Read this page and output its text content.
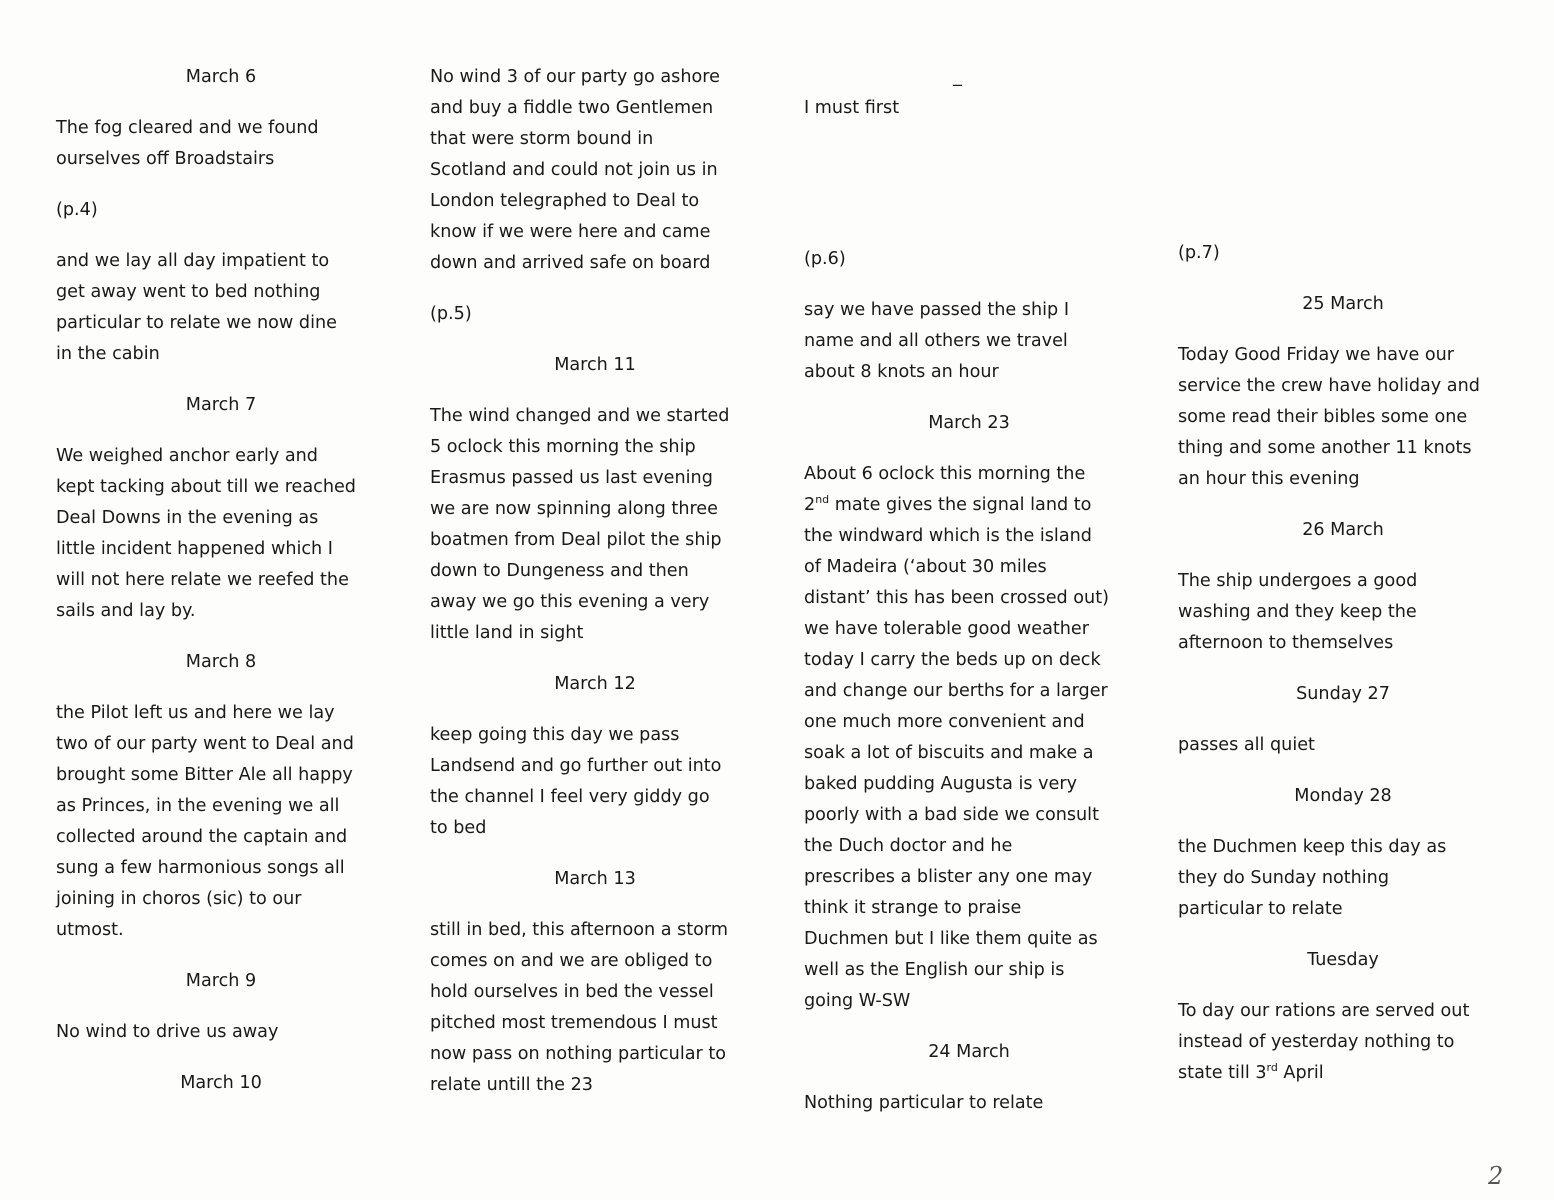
March 6

The fog cleared and we found

ourselves off Broadstairs

(p.4)

and we lay all day impatient to

get away went to bed nothing

particular to relate we now dine

in the cabin

March 7

We weighed anchor early and

kept tacking about till we reached

Deal Downs in the evening as

little incident happened which I

will not here relate we reefed the

sails and lay by.

March 8

the Pilot left us and here we lay

two of our party went to Deal and

brought some Bitter Ale all happy

as Princes, in the evening we all

collected around the captain and

sung a few harmonious songs all

joining in choros (sic) to our

utmost.

March 9

No wind to drive us away

March 10

No wind 3 of our party go ashore

and buy a fiddle two Gentlemen

that were storm bound in

Scotland and could not join us in

London telegraphed to Deal to

know if we were here and came

down and arrived safe on board

(p.5)

March 11

The wind changed and we started

5 oclock this morning the ship

Erasmus passed us last evening

we are now spinning along three

boatmen from Deal pilot the ship

down to Dungeness and then

away we go this evening a very

little land in sight

March 12

keep going this day we pass

Landsend and go further out into

the channel I feel very giddy go

to bed

March 13

still in bed, this afternoon a storm

comes on and we are obliged to

hold ourselves in bed the vessel

pitched most tremendous I must

now pass on nothing particular to

relate untill the 23

I must first

(p.6)

say we have passed the ship I

name and all others we travel

about 8 knots an hour

March 23

About 6 oclock this morning the

2nd mate gives the signal land to

the windward which is the island

of Madeira (‘about 30 miles

distant’ this has been crossed out)

we have tolerable good weather

today I carry the beds up on deck

and change our berths for a larger

one much more convenient and

soak a lot of biscuits and make a

baked pudding Augusta is very

poorly with a bad side we consult

the Duch doctor and he

prescribes a blister any one may

think it strange to praise

Duchmen but I like them quite as

well as the English our ship is

going W-SW

24 March

Nothing particular to relate

(p.7)

25 March

Today Good Friday we have our

service the crew have holiday and

some read their bibles some one

thing and some another 11 knots

an hour this evening

26 March

The ship undergoes a good

washing and they keep the

afternoon to themselves

Sunday 27

passes all quiet

Monday 28

the Duchmen keep this day as

they do Sunday nothing

particular to relate

Tuesday

To day our rations are served out

instead of yesterday nothing to

state till 3rd April

_
2
